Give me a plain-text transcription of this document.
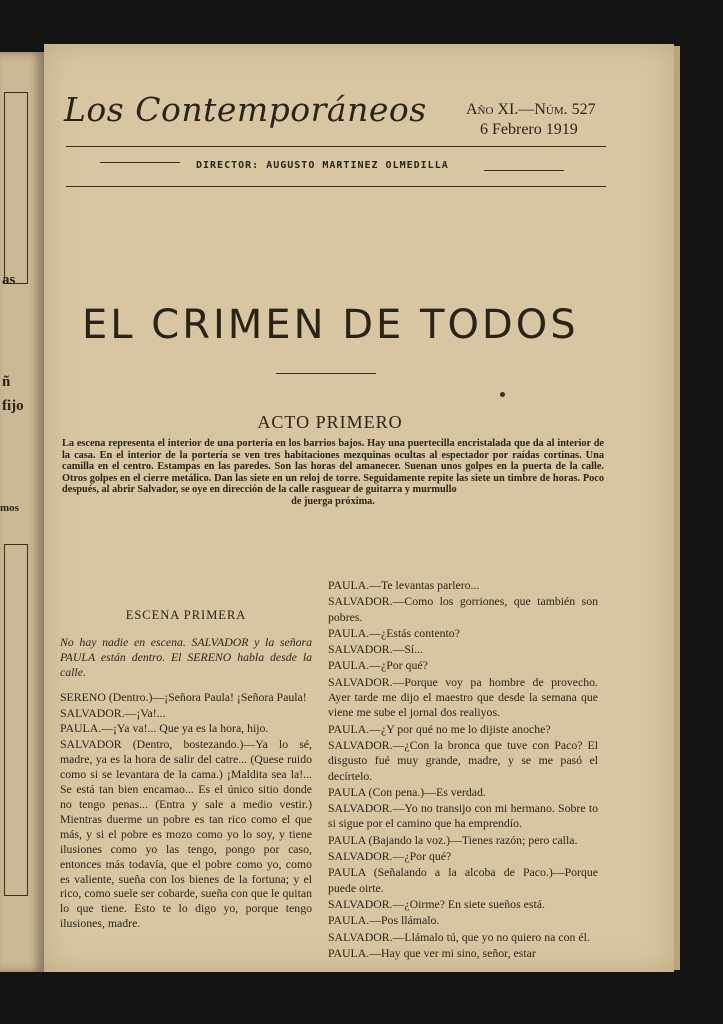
as
ñ
fijo
mos
Los Contemporáneos Año XI.—Núm. 527
6 Febrero 1919
DIRECTOR: AUGUSTO MARTINEZ OLMEDILLA
EL CRIMEN DE TODOS
ACTO PRIMERO
La escena representa el interior de una portería en los barrios bajos. Hay una puertecilla encristalada que da al interior de la casa. En el interior de la portería se ven tres habitaciones mezquinas ocultas al espectador por raídas cortinas. Una camilla en el centro. Estampas en las paredes. Son las horas del amanecer. Suenan unos golpes en la puerta de la calle. Otros golpes en el cierre metálico. Dan las siete en un reloj de torre. Seguidamente repite las siete un timbre de horas. Poco después, al abrir Salvador, se oye en dirección de la calle rasguear de guitarra y murmullo
de juerga próxima.
ESCENA PRIMERA
No hay nadie en escena. SALVADOR y la señora PAULA están dentro. El SERENO habla desde la calle.
SERENO (Dentro.)—¡Señora Paula! ¡Señora Paula!
SALVADOR.—¡Va!...
PAULA.—¡Ya va!... Que ya es la hora, hijo.
SALVADOR (Dentro, bostezando.)—Ya lo sé, madre, ya es la hora de salir del catre... (Quese ruido como si se levantara de la cama.) ¡Maldita sea la!... Se está tan bien encamao... Es el único sitio donde no tengo penas... (Entra y sale a medio vestir.) Mientras duerme un pobre es tan rico como el que más, y si el pobre es mozo como yo lo soy, y tiene ilusiones como yo las tengo, pongo por caso, entonces más todavía, que el pobre como yo, como es valiente, sueña con los bienes de la fortuna; y el rico, como suele ser cobarde, sueña con que le quitan lo que tiene. Esto te lo digo yo, porque tengo ilusiones, madre.
PAULA.—Te levantas parlero...
SALVADOR.—Como los gorriones, que también son pobres.
PAULA.—¿Estás contento?
SALVADOR.—Sí...
PAULA.—¿Por qué?
SALVADOR.—Porque voy pa hombre de provecho. Ayer tarde me dijo el maestro que desde la semana que viene me sube el jornal dos realiyos.
PAULA.—¿Y por qué no me lo dijiste anoche?
SALVADOR.—¿Con la bronca que tuve con Paco? El disgusto fué muy grande, madre, y se me pasó el decírtelo.
PAULA (Con pena.)—Es verdad.
SALVADOR.—Yo no transijo con mi hermano. Sobre to si sigue por el camino que ha emprendío.
PAULA (Bajando la voz.)—Tienes razón; pero calla.
SALVADOR.—¿Por qué?
PAULA (Señalando a la alcoba de Paco.)—Porque puede oirte.
SALVADOR.—¿Oirme? En siete sueños está.
PAULA.—Pos llámalo.
SALVADOR.—Llámalo tú, que yo no quiero na con él.
PAULA.—Hay que ver mi sino, señor, estar
